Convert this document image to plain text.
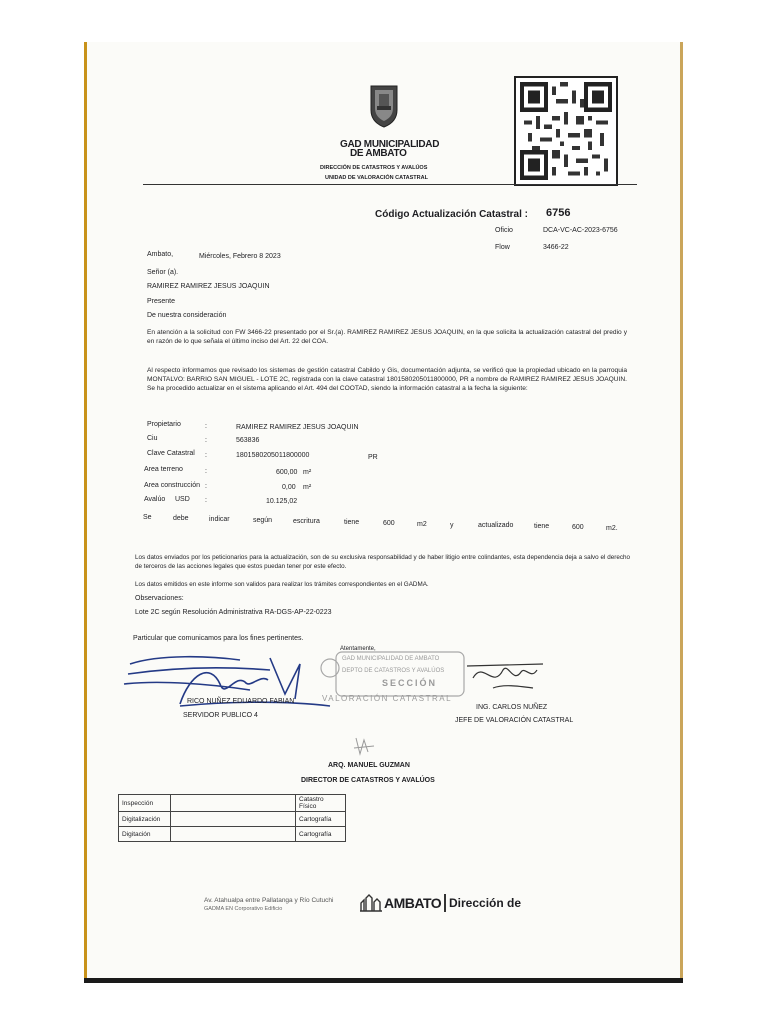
GAD MUNICIPALIDAD
DE AMBATO
DIRECCIÓN DE CATASTROS Y AVALÚOS
UNIDAD DE VALORACIÓN CATASTRAL
Código Actualización Catastral : 6756
Oficio	DCA-VC-AC-2023-6756
Flow	3466-22
Ambato,	Miércoles, Febrero 8 2023
Señor (a).
RAMIREZ RAMIREZ JESUS JOAQUIN
Presente
De nuestra consideración
En atención a la solicitud con FW 3466-22 presentado por el Sr.(a). RAMIREZ RAMIREZ JESUS JOAQUIN, en la que solicita la actualización catastral del predio y en razón de lo que señala el último inciso del Art. 22 del COA.
Al respecto informamos que revisado los sistemas de gestión catastral Cabildo y Gis, documentación adjunta, se verificó que la propiedad ubicado en la parroquia MONTALVO: BARRIO SAN MIGUEL - LOTE 2C, registrada con la clave catastral 1801580205011800000, PR a nombre de RAMIREZ RAMIREZ JESUS JOAQUIN. Se ha procedido actualizar en el sistema aplicando el Art. 494 del COOTAD, siendo la información catastral a la fecha la siguiente:
Propietario	:	RAMIREZ RAMIREZ JESUS JOAQUIN
Ciu	:	563836
Clave Catastral :	1801580205011800000	PR
Area terreno	:	600,00 m²
Area construcción :	0,00 m²
Avalúo USD :	10.125,02
Se	debe	indicar	según	escritura	tiene	600	m2	y	actualizado	tiene	600	m2.
Los datos enviados por los peticionarios para la actualización, son de su exclusiva responsabilidad y de haber litigio entre colindantes, esta dependencia deja a salvo el derecho de terceros de las acciones legales que estos puedan tener por este efecto.
Los datos emitidos en este informe son validos para realizar los trámites correspondientes en el GADMA.
Observaciones:
Lote 2C según Resolución Administrativa RA-DGS-AP-22-0223
Particular que comunicamos para los fines pertinentes.
Atentamente,
GAD MUNICIPALIDAD DE AMBATO
DEPTO DE CATASTROS Y AVALÚOS
SECCIÓN
VALORACIÓN CATASTRAL
RICO NUÑEZ EDUARDO FABIAN
SERVIDOR PUBLICO 4
ING. CARLOS NUÑEZ
JEFE DE VALORACIÓN CATASTRAL
ARQ. MANUEL GUZMAN
DIRECTOR DE CATASTROS Y AVALÚOS
Inspección		Catastro Físico
Digitalización		Cartografía
Digitación		Cartografía
Av. Atahualpa entre Pallatanga y Río Cutuchi
GADMA EN Corporativo Edificio	AMBATO Dirección de
